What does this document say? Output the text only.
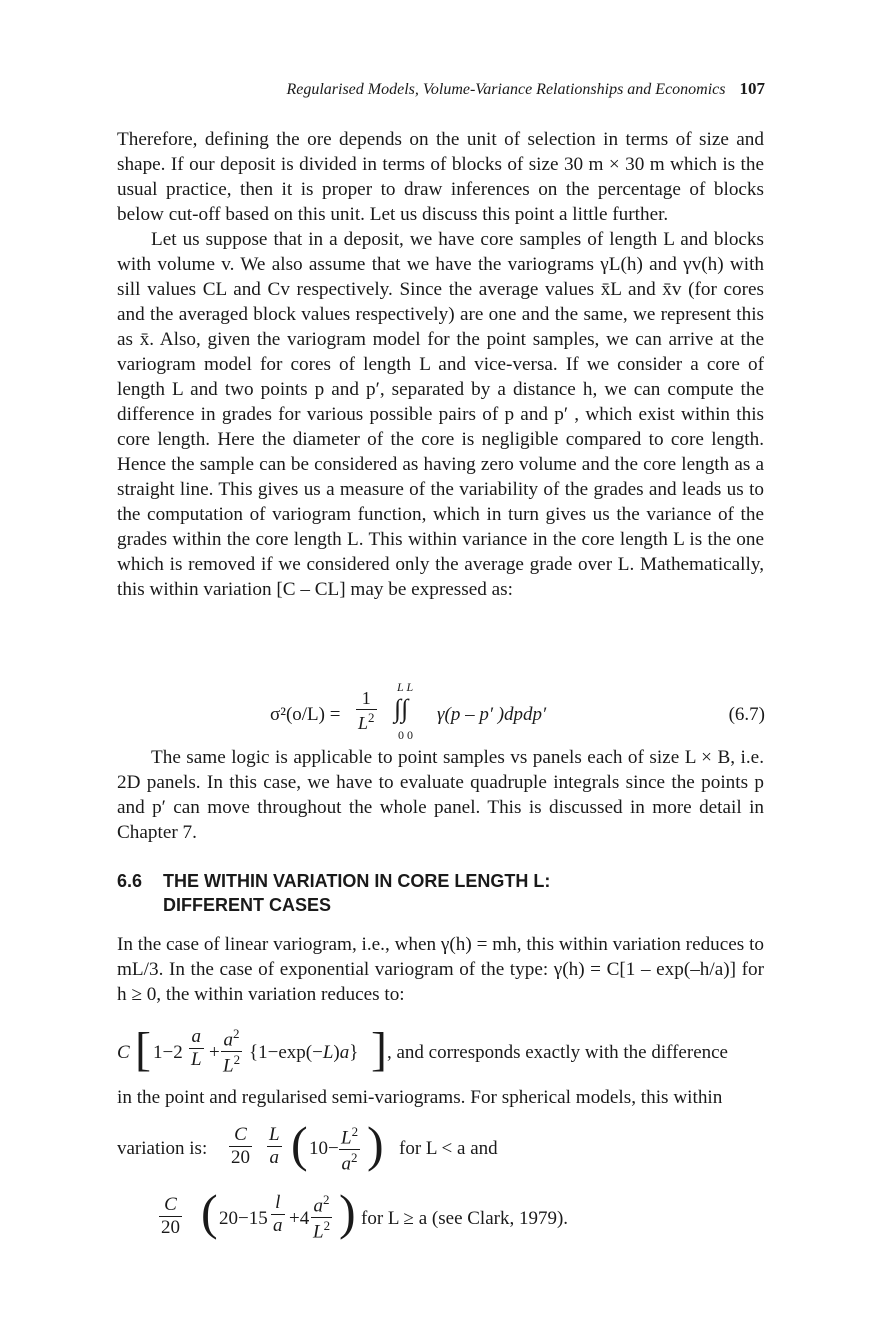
Regularised Models, Volume-Variance Relationships and Economics 107

Therefore, defining the ore depends on the unit of selection in terms of size and shape. If our deposit is divided in terms of blocks of size 30 m × 30 m which is the usual practice, then it is proper to draw inferences on the percentage of blocks below cut-off based on this unit. Let us discuss this point a little further.

Let us suppose that in a deposit, we have core samples of length L and blocks with volume v. We also assume that we have the variograms γL(h) and γv(h) with sill values CL and Cv respectively. Since the average values x̄L and x̄v (for cores and the averaged block values respectively) are one and the same, we represent this as x̄. Also, given the variogram model for the point samples, we can arrive at the variogram model for cores of length L and vice-versa. If we consider a core of length L and two points p and p′, separated by a distance h, we can compute the difference in grades for various possible pairs of p and p′ , which exist within this core length. Here the diameter of the core is negligible compared to core length. Hence the sample can be considered as having zero volume and the core length as a straight line. This gives us a measure of the variability of the grades and leads us to the computation of variogram function, which in turn gives us the variance of the grades within the core length L. This within variance in the core length L is the one which is removed if we considered only the average grade over L. Mathematically, this within variation [C – CL] may be expressed as:

$\sigma^2(o/L) = \frac{1}{L^2}$
L L
∫∫
0 0
γ(p – p′ )dpdp′	(6.7)

The same logic is applicable to point samples vs panels each of size L × B, i.e. 2D panels. In this case, we have to evaluate quadruple integrals since the points p and p′ can move throughout the whole panel. This is discussed in more detail in Chapter 7.

6.6 THE WITHIN VARIATION IN CORE LENGTH L:
DIFFERENT CASES

In the case of linear variogram, i.e., when γ(h) = mh, this within variation reduces to mL/3. In the case of exponential variogram of the type: γ(h) = C[1 – exp(–h/a)] for h ≥ 0, the within variation reduces to:

C [ $1-2 \frac{a}{L} + \frac{a^2}{L^2} \{1-\exp(-L)a\}$ ] , and corresponds exactly with the difference

in the point and regularised semi-variograms. For spherical models, this within

variation is: $\frac{C}{20} \frac{L}{a}$ ( $10- \frac{L^2}{a^2}$ ) for L < a and
$\frac{C}{20}$ ( $20-15 \frac{l}{a} +4 \frac{a^2}{L^2}$ ) for L ≥ a (see Clark, 1979).
